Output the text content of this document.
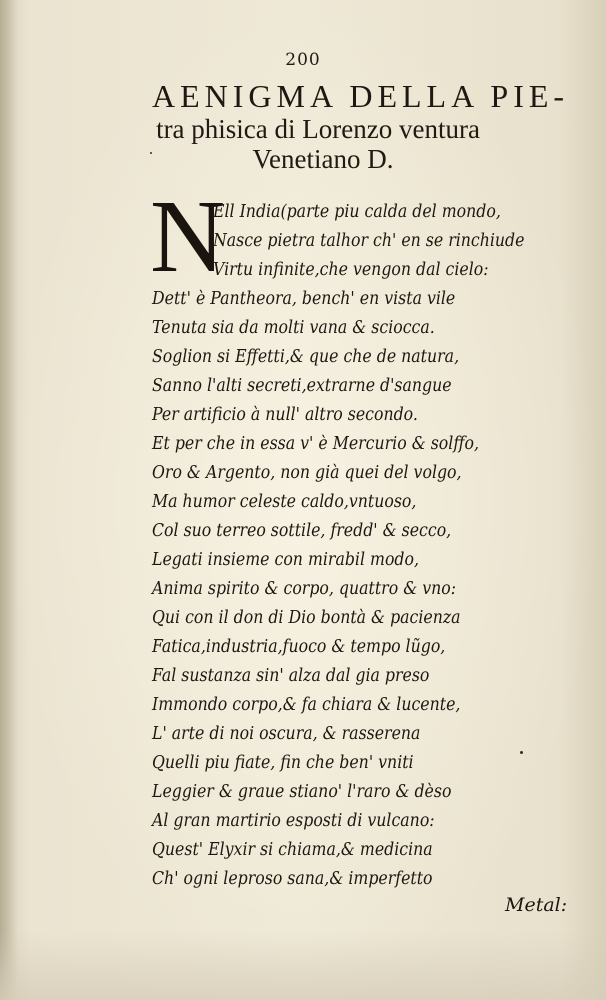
200
AENIGMA DELLA PIE-
tra phisica di Lorenzo ventura
Venetiano D.
N
Ell India(parte piu calda del mondo,
Nasce pietra talhor ch' en se rinchiude
Virtu infinite,che vengon dal cielo:
Dett' è Pantheora, bench' en vista vile
Tenuta sia da molti vana & sciocca.
Soglion si Effetti,& que che de natura,
Sanno l'alti secreti,extrarne d'sangue
Per artificio à null' altro secondo.
Et per che in essa v' è Mercurio & solffo,
Oro & Argento, non già quei del volgo,
Ma humor celeste caldo,vntuoso,
Col suo terreo sottile, fredd' & secco,
Legati insieme con mirabil modo,
Anima spirito & corpo, quattro & vno:
Qui con il don di Dio bontà & pacienza
Fatica,industria,fuoco & tempo lũgo,
Fal sustanza sin' alza dal gia preso
Immondo corpo,& fa chiara & lucente,
L' arte di noi oscura, & rasserena
Quelli piu fiate, fin che ben' vniti
Leggier & graue stiano' l'raro & dèso
Al gran martirio esposti di vulcano:
Quest' Elyxir si chiama,& medicina
Ch' ogni leproso sana,& imperfetto
Metal:
